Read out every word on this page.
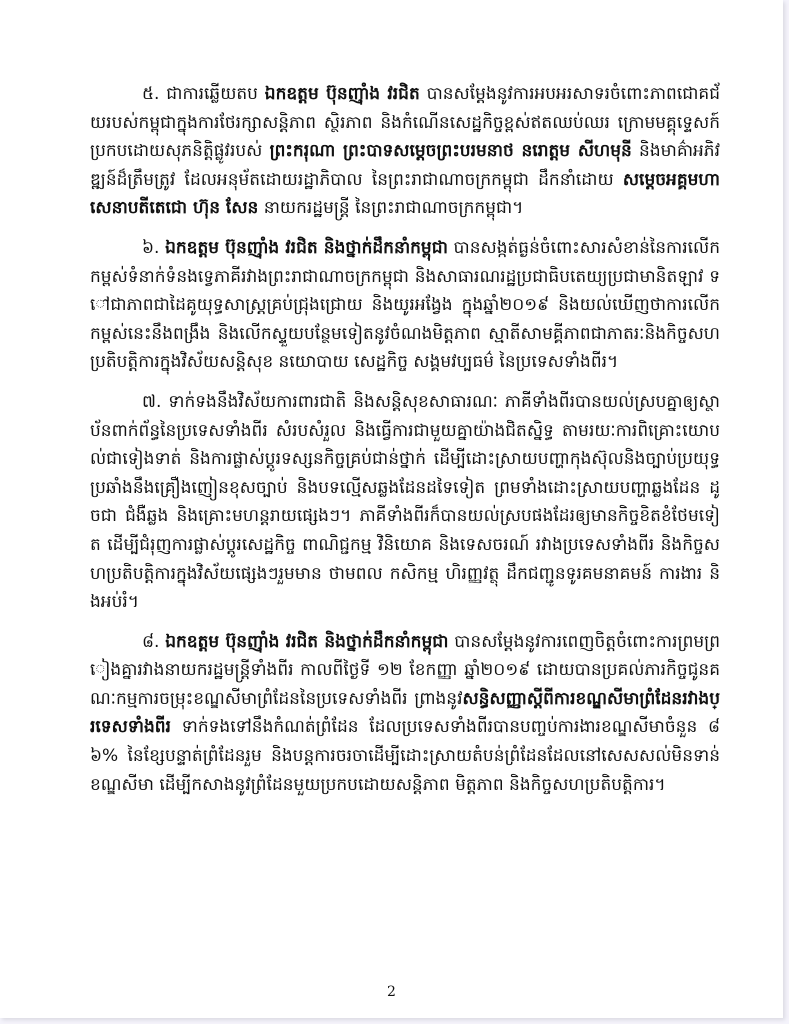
៥. ជាការឆ្លើយតប ឯកឧត្តម ប៊ុនញ៉ាំង វរជិត បានសម្តែងនូវការអបអរសាទរចំពោះភាពជោគជ័យរបស់កម្ពុជាក្នុងការថែរក្សាសន្តិភាព ស្ថិរភាព និងកំណើនសេដ្ឋកិច្ចខ្ពស់ឥតឈប់ឈរ ក្រោមមគ្គុទ្ទេសក៍ប្រកបដោយសុភនិត្តិផ្លូវរបស់ ព្រះករុណា ព្រះបាទសម្តេចព្រះបរមនាថ នរោត្តម សីហមុនី និងមាគ៌ាអភិវឌ្ឍន៍ដ៏ត្រឹមត្រូវ ដែលអនុម័តដោយរដ្ឋាភិបាល នៃព្រះរាជាណាចក្រកម្ពុជា ដឹកនាំដោយ សម្តេចអគ្គមហាសេនាបតីតេជោ ហ៊ុន សែន នាយករដ្ឋមន្ត្រី នៃព្រះរាជាណាចក្រកម្ពុជា។

៦. ឯកឧត្តម ប៊ុនញ៉ាំង វរជិត និងថ្នាក់ដឹកនាំកម្ពុជា បានសង្កត់ធ្ងន់ចំពោះសារសំខាន់នៃការលើកកម្ពស់ទំនាក់ទំនងទ្វេភាគីរវាងព្រះរាជាណាចក្រកម្ពុជា និងសាធារណរដ្ឋប្រជាធិបតេយ្យប្រជាមានិតឡាវ ទៅជាភាពជាដៃគូយុទ្ធសាស្ត្រគ្រប់ជ្រុងជ្រោយ និងយូរអង្វែង ក្នុងឆ្នាំ២០១៩ និងយល់ឃើញថាការលើកកម្ពស់នេះនឹងពង្រឹង និងលើកស្ទួយបន្ថែមទៀតនូវចំណងមិត្តភាព ស្មាតីសាមគ្គីភាពជាភាតរៈនិងកិច្ចសហប្រតិបត្តិការក្នុងវិស័យសន្តិសុខ នយោបាយ សេដ្ឋកិច្ច សង្គមវប្បធម៌ នៃប្រទេសទាំងពីរ។

៧. ទាក់ទងនឹងវិស័យការពារជាតិ និងសន្តិសុខសាធារណៈ ភាគីទាំងពីរបានយល់ស្របគ្នាឲ្យស្ថាប័នពាក់ព័ន្ធនៃប្រទេសទាំងពីរ សំរបសំរួល និងធ្វើការជាមួយគ្នាយ៉ាងជិតស្និទ្ធ តាមរយៈការពិគ្រោះយោបល់ជាទៀងទាត់ និងការផ្លាស់ប្តូរទស្សនកិច្ចគ្រប់ជាន់ថ្នាក់ ដើម្បីដោះស្រាយបញ្ហាកុងស៊ុលនិងច្បាប់ប្រយុទ្ធប្រឆាំងនឹងគ្រឿងញៀនខុសច្បាប់ និងបទល្មើសឆ្លងដែនដទៃទៀត ព្រមទាំងដោះស្រាយបញ្ហាឆ្លងដែន ដូចជា ជំងឺឆ្លង និងគ្រោះមហន្តរាយផ្សេងៗ។ ភាគីទាំងពីរក៏បានយល់ស្របផងដែរឲ្យមានកិច្ចខិតខំថែមទៀត ដើម្បីជំរុញការផ្លាស់ប្តូរសេដ្ឋកិច្ច ពាណិជ្ជកម្ម វិនិយោគ និងទេសចរណ៍ រវាងប្រទេសទាំងពីរ និងកិច្ចសហប្រតិបត្តិការក្នុងវិស័យផ្សេងៗរួមមាន ថាមពល កសិកម្ម ហិរញ្ញវត្ថុ ដឹកជញ្ជូនទូរគមនាគមន៍ ការងារ និងអប់រំ។

៨. ឯកឧត្តម ប៊ុនញ៉ាំង វរជិត និងថ្នាក់ដឹកនាំកម្ពុជា បានសម្តែងនូវការពេញចិត្តចំពោះការព្រមព្រៀងគ្នារវាងនាយករដ្ឋមន្ត្រីទាំងពីរ កាលពីថ្ងៃទី ១២ ខែកញ្ញា ឆ្នាំ២០១៩ ដោយបានប្រគល់ភារកិច្ចជូនគណៈកម្មការចម្រុះខណ្ឌសីមាព្រំដែននៃប្រទេសទាំងពីរ ព្រាងនូវសន្ធិសញ្ញាស្តីពីការខណ្ឌសីមាព្រំដែនរវាងប្រទេសទាំងពីរ ទាក់ទងទៅនឹងកំណត់ព្រំដែន ដែលប្រទេសទាំងពីរបានបញ្ចប់ការងារខណ្ឌសីមាចំនួន ៨៦% នៃខ្សែបន្ទាត់ព្រំដែនរួម និងបន្តការចរចាដើម្បីដោះស្រាយតំបន់ព្រំដែនដែលនៅសេសសល់មិនទាន់ខណ្ឌសីមា ដើម្បីកសាងនូវព្រំដែនមួយប្រកបដោយសន្តិភាព មិត្តភាព និងកិច្ចសហប្រតិបត្តិការ។

2
